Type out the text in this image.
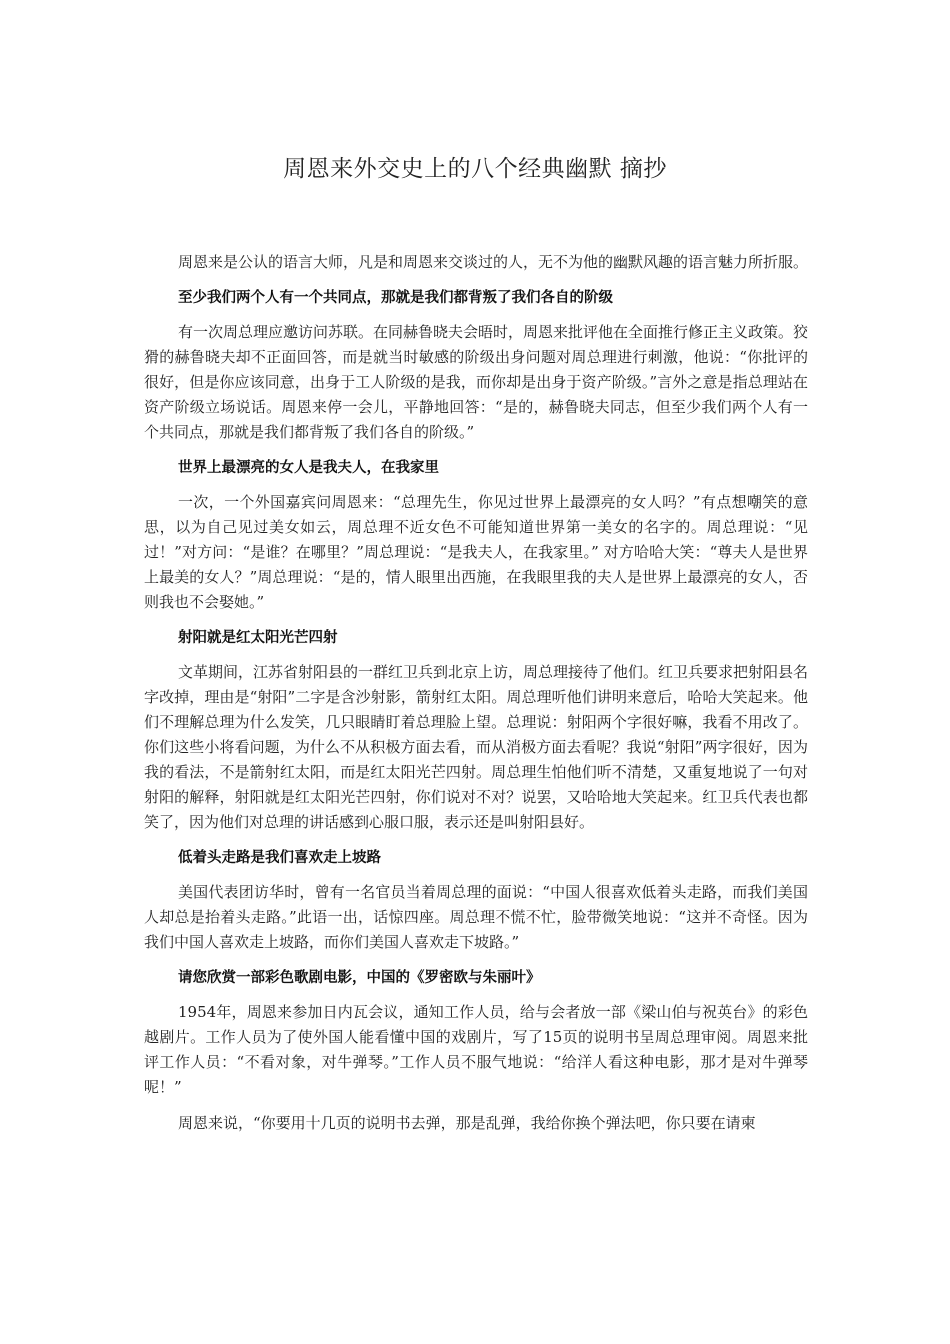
周恩来外交史上的八个经典幽默 摘抄

周恩来是公认的语言大师，凡是和周恩来交谈过的人，无不为他的幽默风趣的语言魅力所折服。

至少我们两个人有一个共同点，那就是我们都背叛了我们各自的阶级

有一次周总理应邀访问苏联。在同赫鲁晓夫会晤时，周恩来批评他在全面推行修正主义政策。狡猾的赫鲁晓夫却不正面回答，而是就当时敏感的阶级出身问题对周总理进行刺激，他说：“你批评的很好，但是你应该同意，出身于工人阶级的是我，而你却是出身于资产阶级。”言外之意是指总理站在资产阶级立场说话。周恩来停一会儿，平静地回答：“是的，赫鲁晓夫同志，但至少我们两个人有一个共同点，那就是我们都背叛了我们各自的阶级。”

世界上最漂亮的女人是我夫人，在我家里

一次，一个外国嘉宾问周恩来：“总理先生，你见过世界上最漂亮的女人吗？”有点想嘲笑的意思，以为自己见过美女如云，周总理不近女色不可能知道世界第一美女的名字的。周总理说：“见过！”对方问：“是谁？在哪里？”周总理说：“是我夫人，在我家里。” 对方哈哈大笑：“尊夫人是世界上最美的女人？”周总理说：“是的，情人眼里出西施，在我眼里我的夫人是世界上最漂亮的女人，否则我也不会娶她。”

射阳就是红太阳光芒四射

文革期间，江苏省射阳县的一群红卫兵到北京上访，周总理接待了他们。红卫兵要求把射阳县名字改掉，理由是“射阳”二字是含沙射影，箭射红太阳。周总理听他们讲明来意后，哈哈大笑起来。他们不理解总理为什么发笑，几只眼睛盯着总理脸上望。总理说：射阳两个字很好嘛，我看不用改了。你们这些小将看问题，为什么不从积极方面去看，而从消极方面去看呢？我说“射阳”两字很好，因为我的看法，不是箭射红太阳，而是红太阳光芒四射。周总理生怕他们听不清楚，又重复地说了一句对射阳的解释，射阳就是红太阳光芒四射，你们说对不对？说罢，又哈哈地大笑起来。红卫兵代表也都笑了，因为他们对总理的讲话感到心服口服，表示还是叫射阳县好。

低着头走路是我们喜欢走上坡路

美国代表团访华时，曾有一名官员当着周总理的面说：“中国人很喜欢低着头走路，而我们美国人却总是抬着头走路。”此语一出，话惊四座。周总理不慌不忙，脸带微笑地说：“这并不奇怪。因为我们中国人喜欢走上坡路，而你们美国人喜欢走下坡路。”

请您欣赏一部彩色歌剧电影，中国的《罗密欧与朱丽叶》

1954年，周恩来参加日内瓦会议，通知工作人员，给与会者放一部《梁山伯与祝英台》的彩色越剧片。工作人员为了使外国人能看懂中国的戏剧片，写了15页的说明书呈周总理审阅。周恩来批评工作人员：“不看对象，对牛弹琴。”工作人员不服气地说：“给洋人看这种电影，那才是对牛弹琴呢！”

周恩来说，“你要用十几页的说明书去弹，那是乱弹，我给你换个弹法吧，你只要在请柬
